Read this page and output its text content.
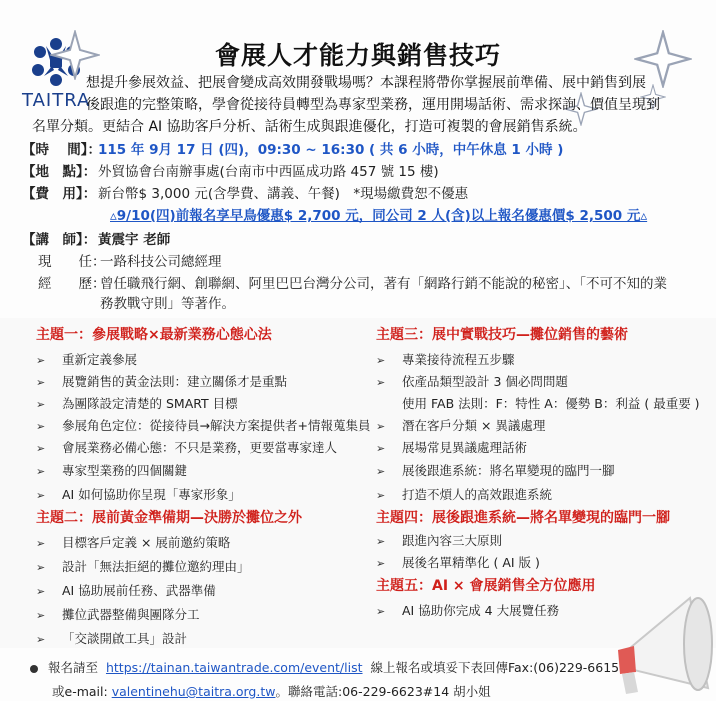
TAITRA
會展人才能力與銷售技巧
想提升參展效益、把展會變成高效開發戰場嗎？本課程將帶你掌握展前準備、展中銷售到展
後跟進的完整策略，學會從接待員轉型為專家型業務，運用開場話術、需求探詢、價值呈現到
名單分類。更結合 AI 協助客戶分析、話術生成與跟進優化，打造可複製的會展銷售系統。
【時　 間】：115 年 9月 17 日 (四)，09:30 ~ 16:30 ( 共 6 小時，中午休息 1 小時 )
【地　點】： 外貿協會台南辦事處(台南市中西區成功路 457 號 15 樓)
【費　用】： 新台幣$ 3,000 元(含學費、講義、午餐)　*現場繳費恕不優惠
▵9/10(四)前報名享早鳥優惠$ 2,700 元，同公司 2 人(含)以上報名優惠價$ 2,500 元▵
【講　師】： 黃震宇 老師
現　　任：一路科技公司總經理
經　　歷：曾任職飛行網、創聯網、阿里巴巴台灣分公司，著有「網路行銷不能說的秘密」、「不可不知的業
務教戰守則」等著作。
主題一：參展戰略×最新業務心態心法
➢ 重新定義參展
➢ 展覽銷售的黃金法則：建立關係才是重點
➢ 為團隊設定清楚的 SMART 目標
➢ 參展角色定位：從接待員→解決方案提供者+情報蒐集員
➢ 會展業務必備心態：不只是業務，更要當專家達人
➢ 專家型業務的四個關鍵
➢ AI 如何協助你呈現「專家形象」
主題二：展前黃金準備期—決勝於攤位之外
➢ 目標客戶定義 × 展前邀約策略
➢ 設計「無法拒絕的攤位邀約理由」
➢ AI 協助展前任務、武器準備
➢ 攤位武器整備與團隊分工
➢ 「交談開啟工具」設計
主題三：展中實戰技巧—攤位銷售的藝術
➢ 專業接待流程五步驟
➢ 依產品類型設計 3 個必問問題
使用 FAB 法則：F：特性 A：優勢 B：利益 ( 最重要 )
➢ 潛在客戶分類 × 異議處理
➢ 展場常見異議處理話術
➢ 展後跟進系統：將名單變現的臨門一腳
➢ 打造不煩人的高效跟進系統
主題四：展後跟進系統—將名單變現的臨門一腳
➢ 跟進內容三大原則
➢ 展後名單精準化 ( AI 版 )
主題五：AI × 會展銷售全方位應用
➢ AI 協助你完成 4 大展覽任務
報名請至 https://tainan.taiwantrade.com/event/list 線上報名或填妥下表回傳Fax:(06)229-6615
或e-mail: valentinehu@taitra.org.tw。聯絡電話:06-229-6623#14 胡小姐
